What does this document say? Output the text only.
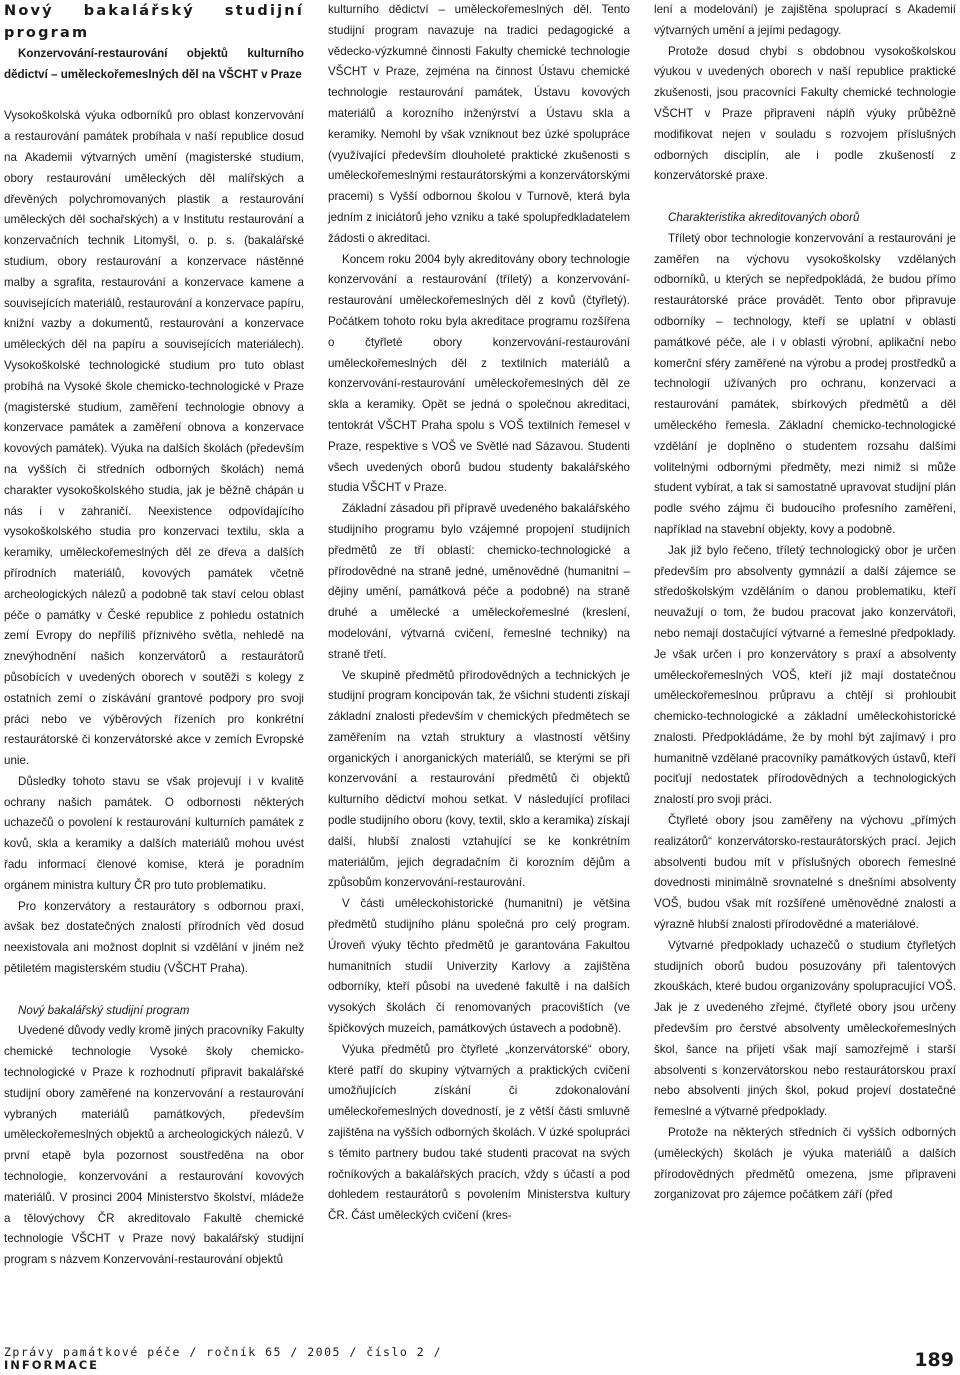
Nový bakalářský studijní program

Konzervování-restaurování objektů kulturního dědictví – uměleckořemeslných děl na VŠCHT v Praze

Vysokoškolská výuka odborníků pro oblast konzervování a restaurování památek probíhala v naší republice dosud na Akademii výtvarných umění (magisterské studium, obory restaurování uměleckých děl malířských a dřevěných polychromovaných plastik a restaurování uměleckých děl sochařských) a v Institutu restaurování a konzervačních technik Litomyšl, o. p. s. (bakalářské studium, obory restaurování a konzervace nástěnné malby a sgrafita, restaurování a konzervace kamene a souvisejících materiálů, restaurování a konzervace papíru, knižní vazby a dokumentů, restaurování a konzervace uměleckých děl na papíru a souvisejících materiálech). Vysokoškolské technologické studium pro tuto oblast probíhá na Vysoké škole chemicko-technologické v Praze (magisterské studium, zaměření technologie obnovy a konzervace památek a zaměření obnova a konzervace kovových památek). Výuka na dalších školách (především na vyšších či středních odborných školách) nemá charakter vysokoškolského studia, jak je běžně chápán u nás i v zahraničí. Neexistence odpovídajícího vysokoškolského studia pro konzervaci textilu, skla a keramiky, uměleckořemeslných děl ze dřeva a dalších přírodních materiálů, kovových památek včetně archeologických nálezů a podobně tak staví celou oblast péče o památky v České republice z pohledu ostatních zemí Evropy do nepříliš příznivého světla, nehledě na znevýhodnění našich konzervátorů a restaurátorů působících v uvedených oborech v soutěži s kolegy z ostatních zemí o získávání grantové podpory pro svoji práci nebo ve výběrových řízeních pro konkrétní restaurátorské či konzervátorské akce v zemích Evropské unie.

Důsledky tohoto stavu se však projevují i v kvalitě ochrany našich památek. O odbornosti některých uchazečů o povolení k restaurování kulturních památek z kovů, skla a keramiky a dalších materiálů mohou uvést řadu informací členové komise, která je poradním orgánem ministra kultury ČR pro tuto problematiku.

Pro konzervátory a restaurátory s odbornou praxí, avšak bez dostatečných znalostí přírodních věd dosud neexistovala ani možnost doplnit si vzdělání v jiném než pětiletém magisterském studiu (VŠCHT Praha).

Nový bakalářský studijní program

Uvedené důvody vedly kromě jiných pracovníky Fakulty chemické technologie Vysoké školy chemicko-technologické v Praze k rozhodnutí připravit bakalářské studijní obory zaměřené na konzervování a restaurování vybraných materiálů památkových, především uměleckořemeslných objektů a archeologických nálezů. V první etapě byla pozornost soustředěna na obor technologie, konzervování a restaurování kovových materiálů. V prosinci 2004 Ministerstvo školství, mládeže a tělovýchovy ČR akreditovalo Fakultě chemické technologie VŠCHT v Praze nový bakalářský studijní program s názvem Konzervování-restaurování objektů

kulturního dědictví – uměleckořemeslných děl. Tento studijní program navazuje na tradici pedagogické a vědecko-výzkumné činnosti Fakulty chemické technologie VŠCHT v Praze, zejména na činnost Ústavu chemické technologie restaurování památek, Ústavu kovových materiálů a korozního inženýrství a Ústavu skla a keramiky. Nemohl by však vzniknout bez úzké spolupráce (využívající především dlouholeté praktické zkušenosti s uměleckořemeslnými restaurátorskými a konzervátorskými pracemi) s Vyšší odbornou školou v Turnově, která byla jedním z iniciátorů jeho vzniku a také spolupředkladatelem žádosti o akreditaci.

Koncem roku 2004 byly akreditovány obory technologie konzervování a restaurování (tříletý) a konzervování-restaurování uměleckořemeslných děl z kovů (čtyřletý). Počátkem tohoto roku byla akreditace programu rozšířena o čtyřleté obory konzervování-restaurování uměleckořemeslných děl z textilních materiálů a konzervování-restaurování uměleckořemeslných děl ze skla a keramiky. Opět se jedná o společnou akreditaci, tentokrát VŠCHT Praha spolu s VOŠ textilních řemesel v Praze, respektive s VOŠ ve Světlé nad Sázavou. Studenti všech uvedených oborů budou studenty bakalářského studia VŠCHT v Praze.

Základní zásadou při přípravě uvedeného bakalářského studijního programu bylo vzájemné propojení studijních předmětů ze tří oblastí: chemicko-technologické a přírodovědné na straně jedné, uměnovědné (humanitní – dějiny umění, památková péče a podobně) na straně druhé a umělecké a uměleckořemeslné (kreslení, modelování, výtvarná cvičení, řemeslné techniky) na straně třetí.

Ve skupině předmětů přírodovědných a technických je studijní program koncipován tak, že všichni studenti získají základní znalosti především v chemických předmětech se zaměřením na vztah struktury a vlastností většiny organických i anorganických materiálů, se kterými se při konzervování a restaurování předmětů či objektů kulturního dědictví mohou setkat. V následující profilaci podle studijního oboru (kovy, textil, sklo a keramika) získají další, hlubší znalosti vztahující se ke konkrétním materiálům, jejich degradačním či korozním dějům a způsobům konzervování-restaurování.

V části uměleckohistorické (humanitní) je většina předmětů studijního plánu společná pro celý program. Úroveň výuky těchto předmětů je garantována Fakultou humanitních studií Univerzity Karlovy a zajištěna odborníky, kteří působí na uvedené fakultě i na dalších vysokých školách či renomovaných pracovištích (ve špičkových muzeích, památkových ústavech a podobně).

Výuka předmětů pro čtyřleté „konzervátorské“ obory, které patří do skupiny výtvarných a praktických cvičení umožňujících získání či zdokonalování uměleckořemeslných dovedností, je z větší části smluvně zajištěna na vyšších odborných školách. V úzké spolupráci s těmito partnery budou také studenti pracovat na svých ročníkových a bakalářských pracích, vždy s účastí a pod dohledem restaurátorů s povolením Ministerstva kultury ČR. Část uměleckých cvičení (kres-

lení a modelování) je zajištěna spoluprací s Akademií výtvarných umění a jejími pedagogy.

Protože dosud chybí s obdobnou vysokoškolskou výukou v uvedených oborech v naší republice praktické zkušenosti, jsou pracovníci Fakulty chemické technologie VŠCHT v Praze připraveni náplň výuky průběžně modifikovat nejen v souladu s rozvojem příslušných odborných disciplín, ale i podle zkušeností z konzervátorské praxe.

Charakteristika akreditovaných oborů

Tříletý obor technologie konzervování a restaurování je zaměřen na výchovu vysokoškolsky vzdělaných odborníků, u kterých se nepředpokládá, že budou přímo restaurátorské práce provádět. Tento obor připravuje odborníky – technology, kteří se uplatní v oblasti památkové péče, ale i v oblasti výrobní, aplikační nebo komerční sféry zaměřené na výrobu a prodej prostředků a technologií užívaných pro ochranu, konzervaci a restaurování památek, sbírkových předmětů a děl uměleckého řemesla. Základní chemicko-technologické vzdělání je doplněno o studentem rozsahu dalšími volitelnými odbornými předměty, mezi nimiž si může student vybírat, a tak si samostatně upravovat studijní plán podle svého zájmu či budoucího profesního zaměření, například na stavební objekty, kovy a podobně.

Jak již bylo řečeno, tříletý technologický obor je určen především pro absolventy gymnázií a další zájemce se středoškolským vzděláním o danou problematiku, kteří neuvažují o tom, že budou pracovat jako konzervátoři, nebo nemají dostačující výtvarné a řemeslné předpoklady. Je však určen i pro konzervátory s praxí a absolventy uměleckořemeslných VOŠ, kteří již mají dostatečnou uměleckořemeslnou průpravu a chtějí si prohloubit chemicko-technologické a základní uměleckohistorické znalosti. Předpokládáme, že by mohl být zajímavý i pro humanitně vzdělané pracovníky památkových ústavů, kteří pociťují nedostatek přírodovědných a technologických znalostí pro svoji práci.

Čtyřleté obory jsou zaměřeny na výchovu „přímých realizátorů“ konzervátorsko-restaurátorských prací. Jejich absolventi budou mít v příslušných oborech řemeslné dovednosti minimálně srovnatelné s dnešními absolventy VOŠ, budou však mít rozšířené uměnovědné znalosti a výrazně hlubší znalosti přírodovědné a materiálové.

Výtvarné předpoklady uchazečů o studium čtyřletých studijních oborů budou posuzovány při talentových zkouškách, které budou organizovány spolupracující VOŠ. Jak je z uvedeného zřejmé, čtyřleté obory jsou určeny především pro čerstvé absolventy uměleckořemeslných škol, šance na přijetí však mají samozřejmě i starší absolventi s konzervátorskou nebo restaurátorskou praxí nebo absolventi jiných škol, pokud projeví dostatečné řemeslné a výtvarné předpoklady.

Protože na některých středních či vyšších odborných (uměleckých) školách je výuka materiálů a dalších přírodovědných předmětů omezena, jsme připraveni zorganizovat pro zájemce počátkem září (před

Zprávy památkové péče / ročník 65 / 2005 / číslo 2 /
INFORMACE	189
